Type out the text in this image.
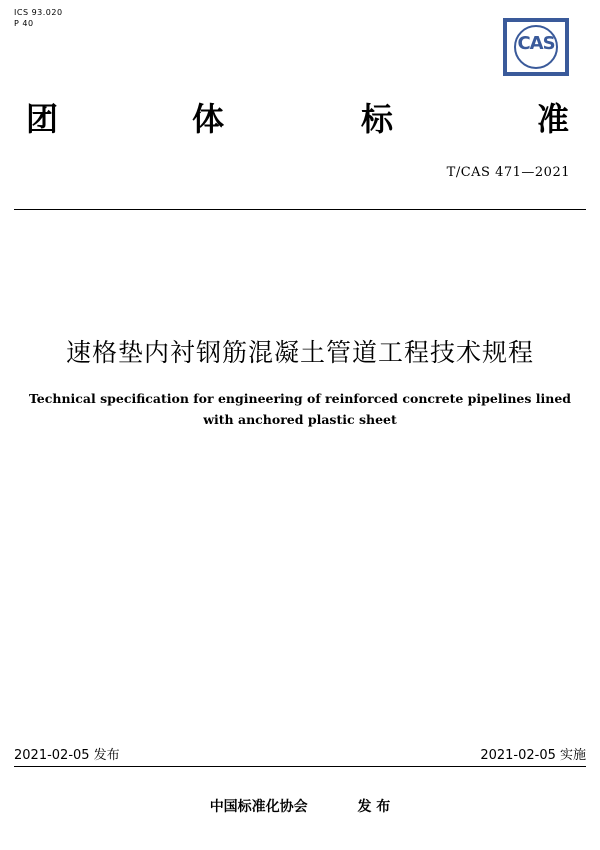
ICS 93.020
P 40
CAS
团	体	标	准
T/CAS 471—2021
速格垫内衬钢筋混凝土管道工程技术规程
Technical specification for engineering of reinforced concrete pipelines lined
with anchored plastic sheet
2021-02-05 发布	2021-02-05 实施
中国标准化协会	发 布
